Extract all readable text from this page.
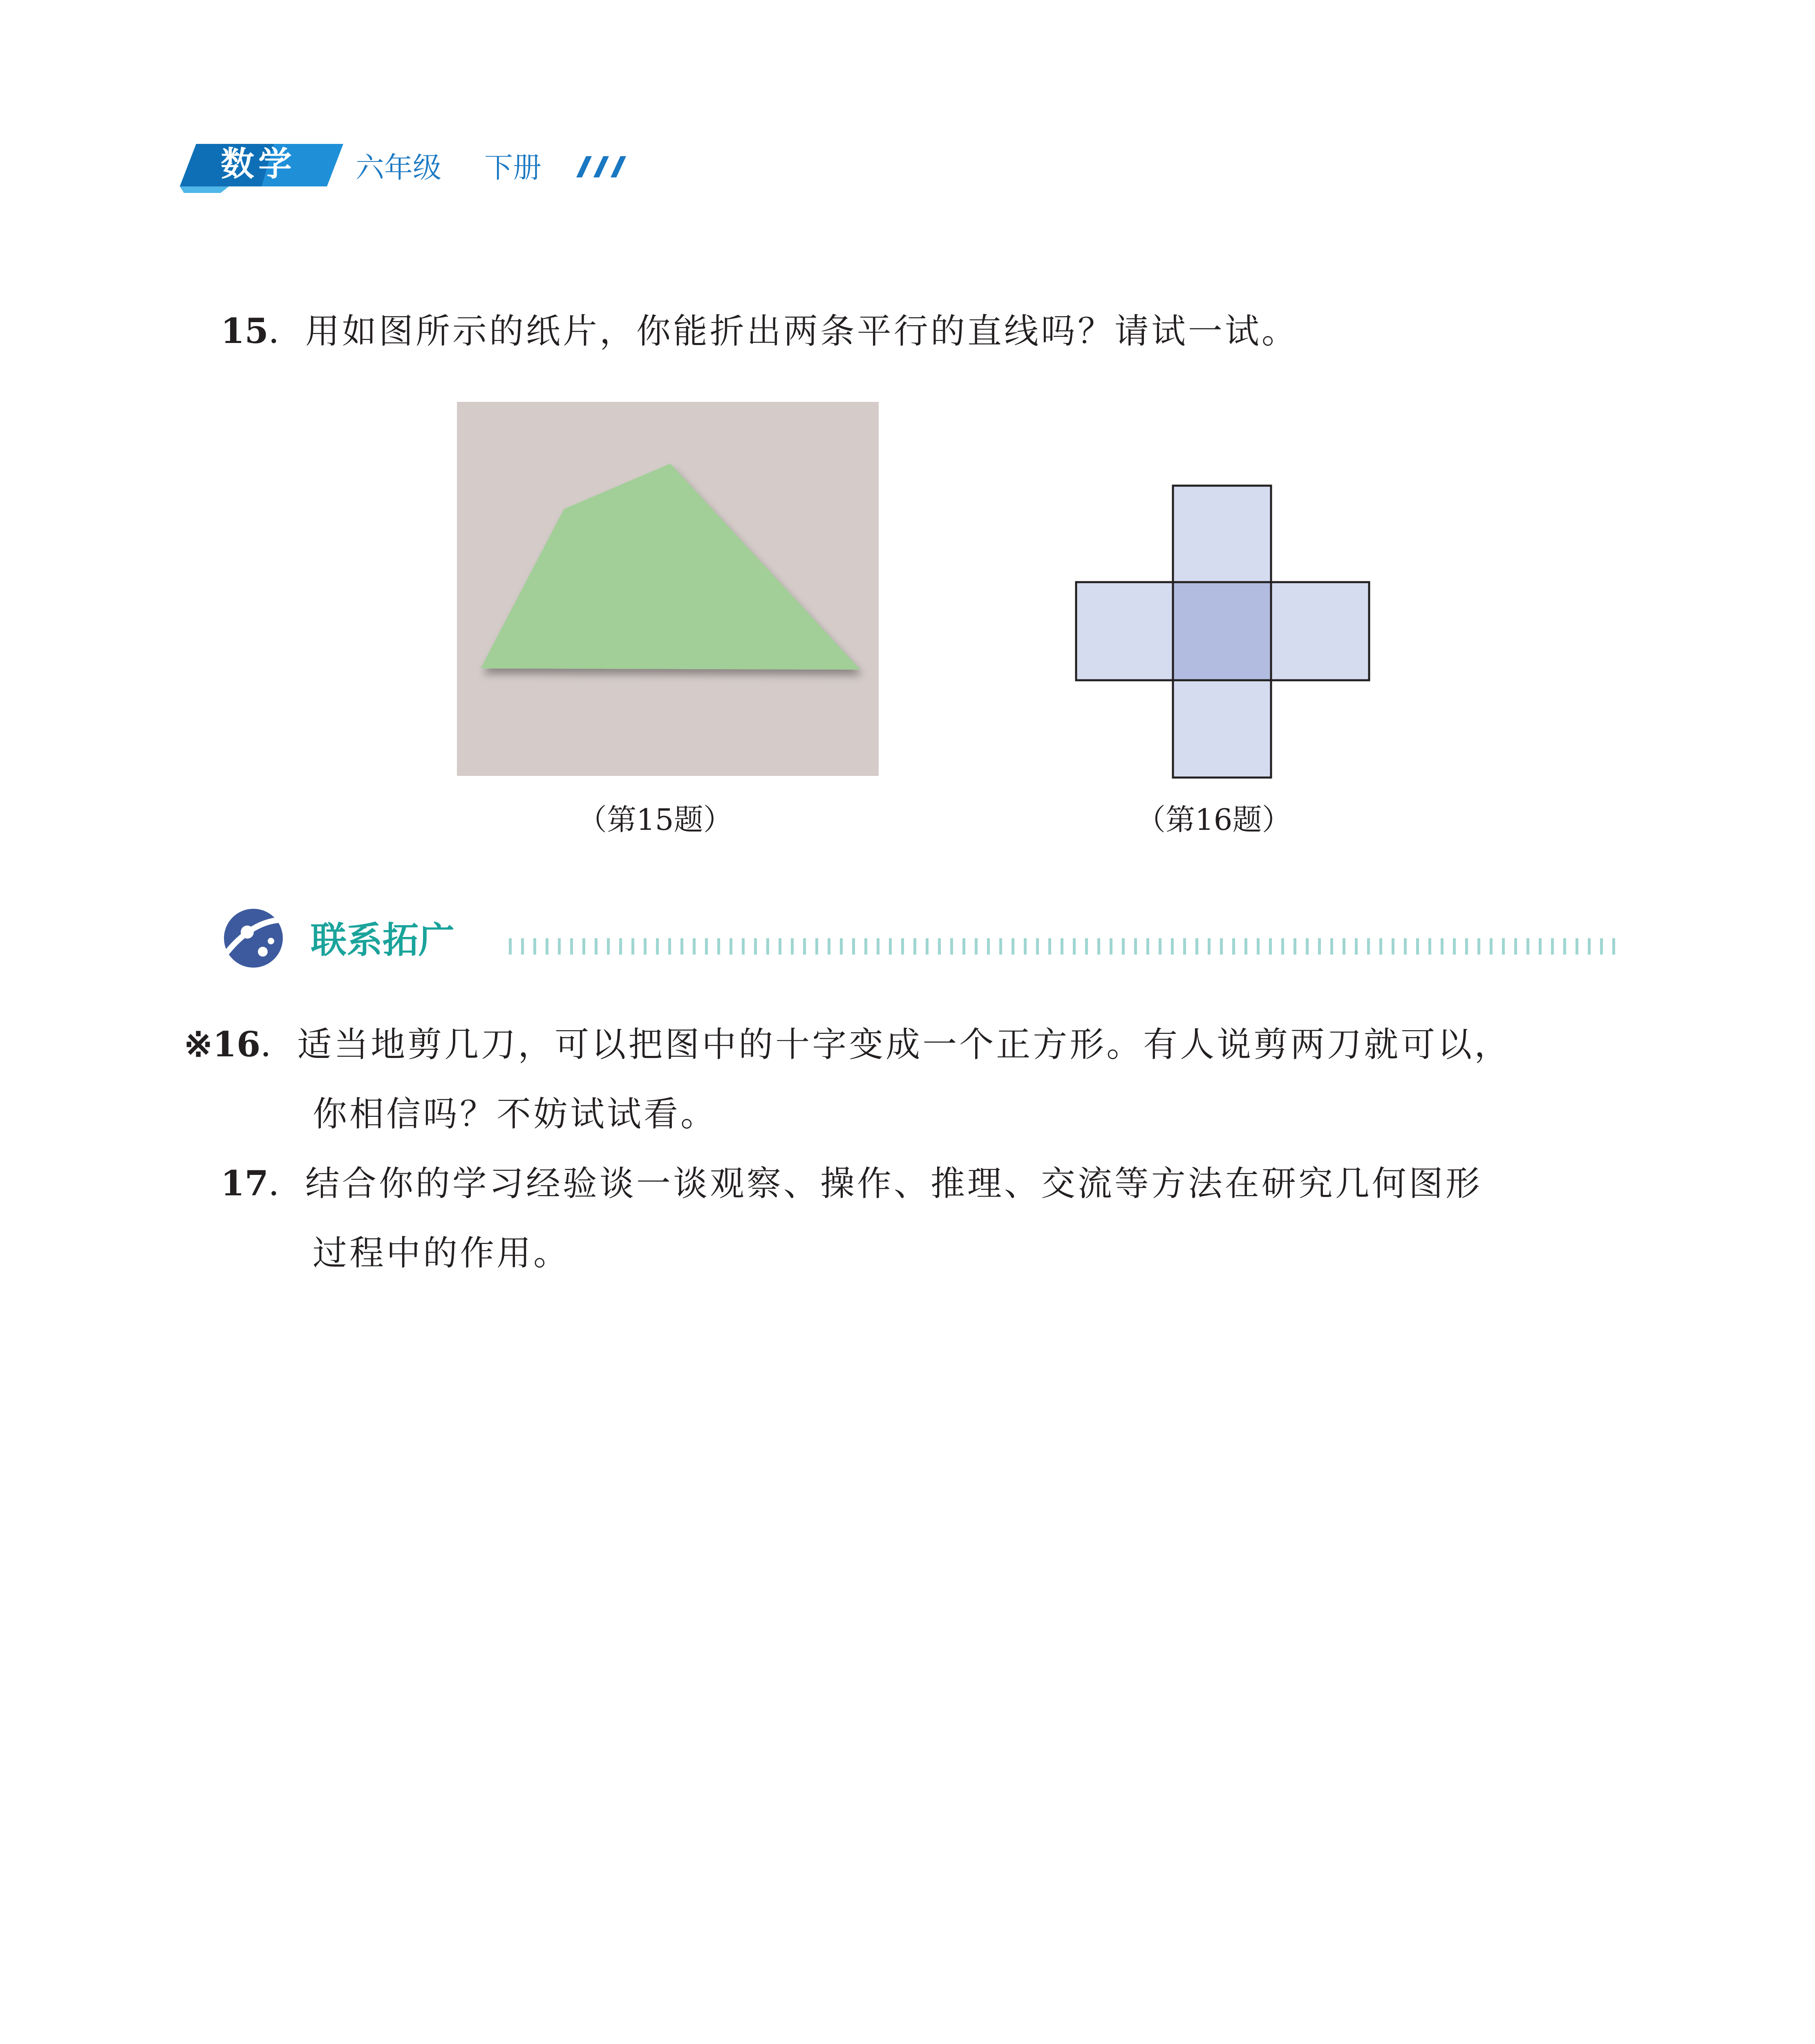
数学 六年级 下册
15．用如图所示的纸片，你能折出两条平行的直线吗？请试一试。
（第15题）	（第16题）
联系拓广
※16．适当地剪几刀，可以把图中的十字变成一个正方形。有人说剪两刀就可以，
你相信吗？不妨试试看。
17．结合你的学习经验谈一谈观察、操作、推理、交流等方法在研究几何图形
过程中的作用。
